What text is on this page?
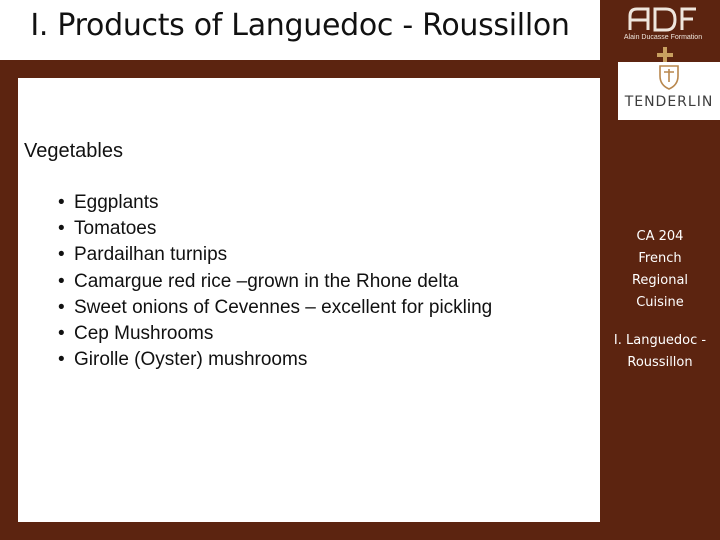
I. Products of Languedoc - Roussillon	Alain Ducasse Formation
TENDERLIN
Vegetables
• Eggplants
• Tomatoes
• Pardailhan turnips
• Camargue red rice –grown in the Rhone delta
• Sweet onions of Cevennes – excellent for pickling
• Cep Mushrooms
• Girolle (Oyster) mushrooms
CA 204
French
Regional
Cuisine
I. Languedoc -
Roussillon
